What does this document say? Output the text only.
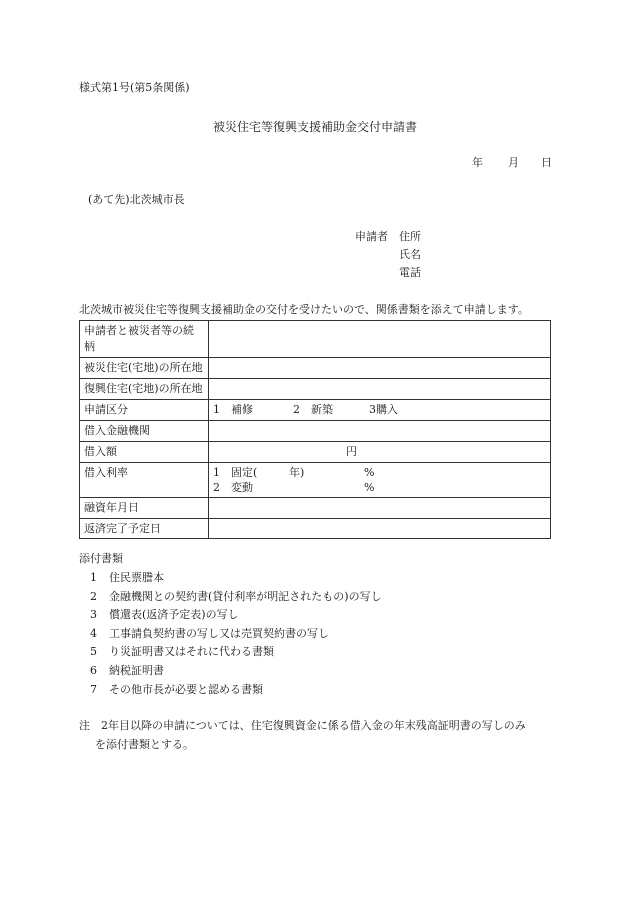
様式第1号(第5条関係)
被災住宅等復興支援補助金交付申請書
年 月 日
(あて先)北茨城市長
申請者 住所
氏名
電話
北茨城市被災住宅等復興支援補助金の交付を受けたいので、関係書類を添えて申請します。
申請者と被災者等の続柄	
被災住宅(宅地)の所在地	
復興住宅(宅地)の所在地	
申請区分	1　補修 2　新築 3購入

借入金融機関	
借入額	円

借入利率	1　固定( 年) %
2　変動 %

融資年月日	
返済完了予定日	
添付書類
1 住民票謄本
2 金融機関との契約書(貸付利率が明記されたもの)の写し
3 償還表(返済予定表)の写し
4 工事請負契約書の写し又は売買契約書の写し
5 り災証明書又はそれに代わる書類
6 納税証明書
7 その他市長が必要と認める書類
注　2年目以降の申請については、住宅復興資金に係る借入金の年末残高証明書の写しのみ
を添付書類とする。
